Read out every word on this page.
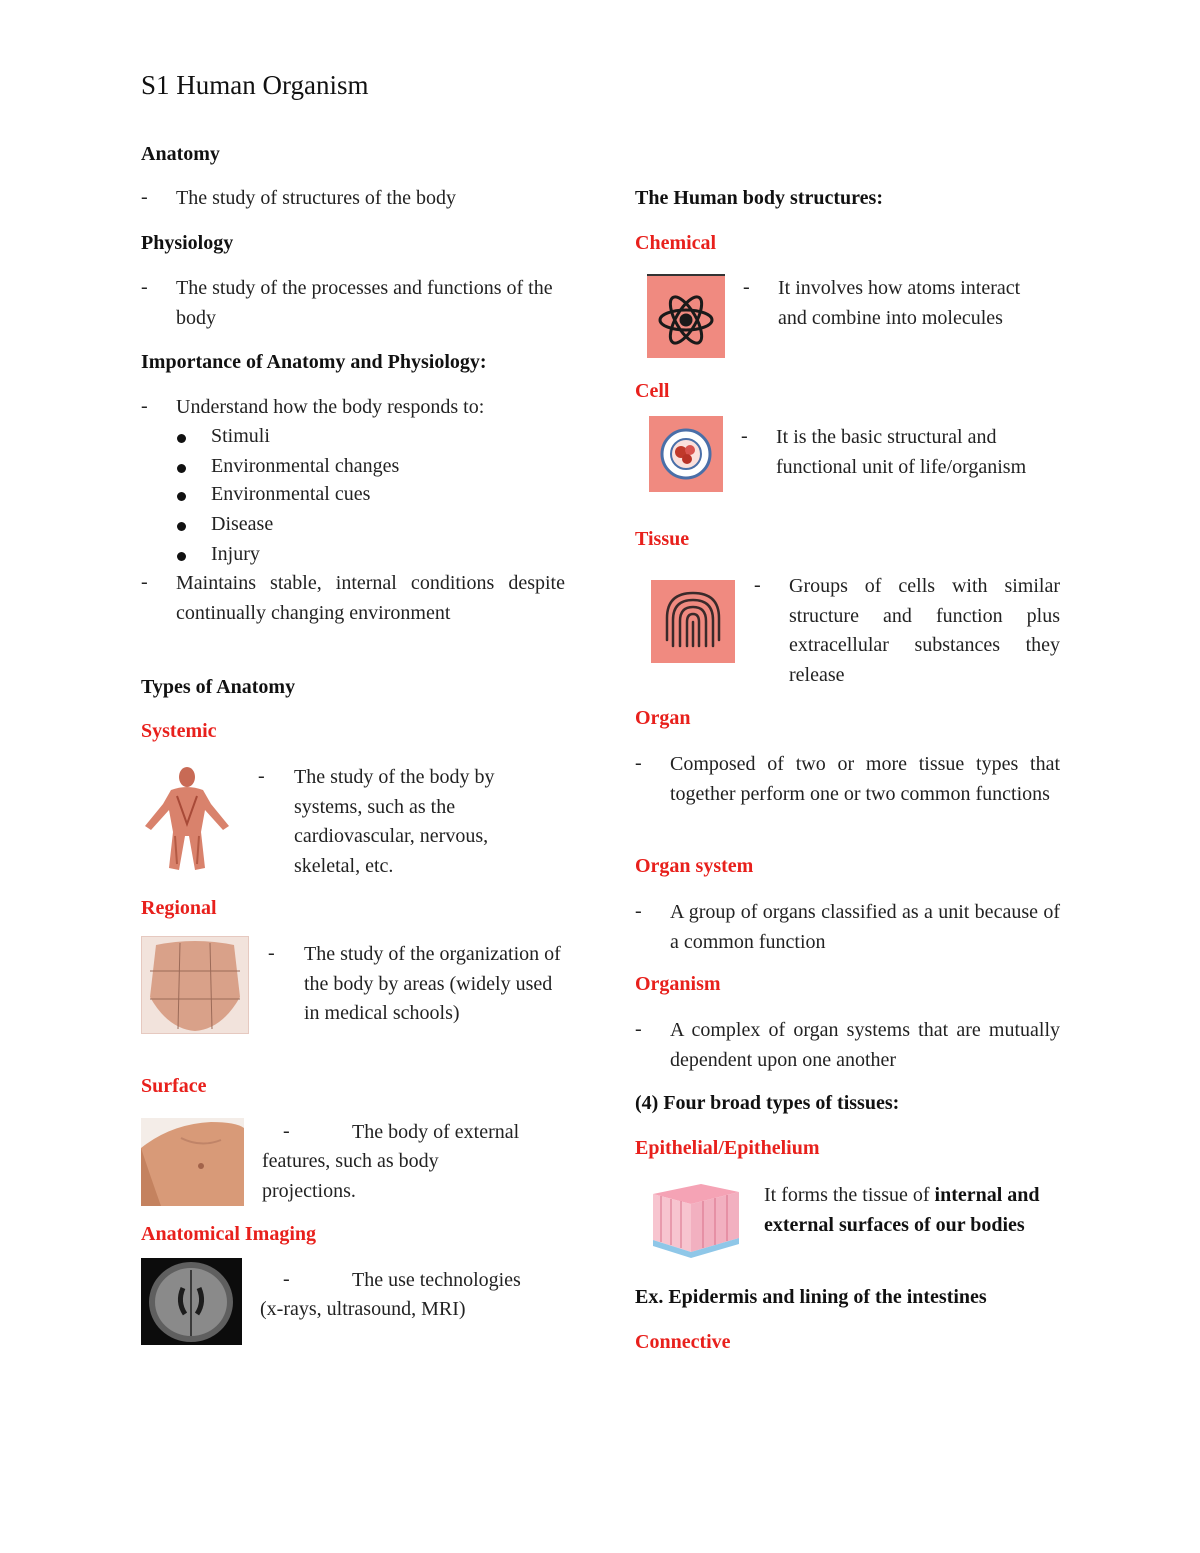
S1 Human Organism
Anatomy
- The study of structures of the body

Physiology
- The study of the processes and functions of the body

Importance of Anatomy and Physiology:
- Understand how the body responds to:

Stimuli

Environmental changes

Environmental cues

Disease

Injury

- Maintains stable, internal conditions despite continually changing environment

Types of Anatomy
Systemic
- The study of the body by systems, such as the cardiovascular, nervous, skeletal, etc.

Regional
- The study of the organization of the body by areas (widely used in medical schools)

Surface
-	The body of external

features, such as body projections.

Anatomical Imaging
-	The use technologies

(x-rays, ultrasound, MRI)

The Human body structures:
Chemical
- It involves how atoms interact and combine into molecules

Cell
- It is the basic structural and functional unit of life/organism

Tissue
- Groups of cells with similar structure and function plus extracellular substances they release

Organ
- Composed of two or more tissue types that together perform one or two common functions

Organ system
- A group of organs classified as a unit because of a common function

Organism
- A complex of organ systems that are mutually dependent upon one another

(4) Four broad types of tissues:
Epithelial/Epithelium

It forms the tissue of internal and external surfaces of our bodies

Ex. Epidermis and lining of the intestines
Connective
